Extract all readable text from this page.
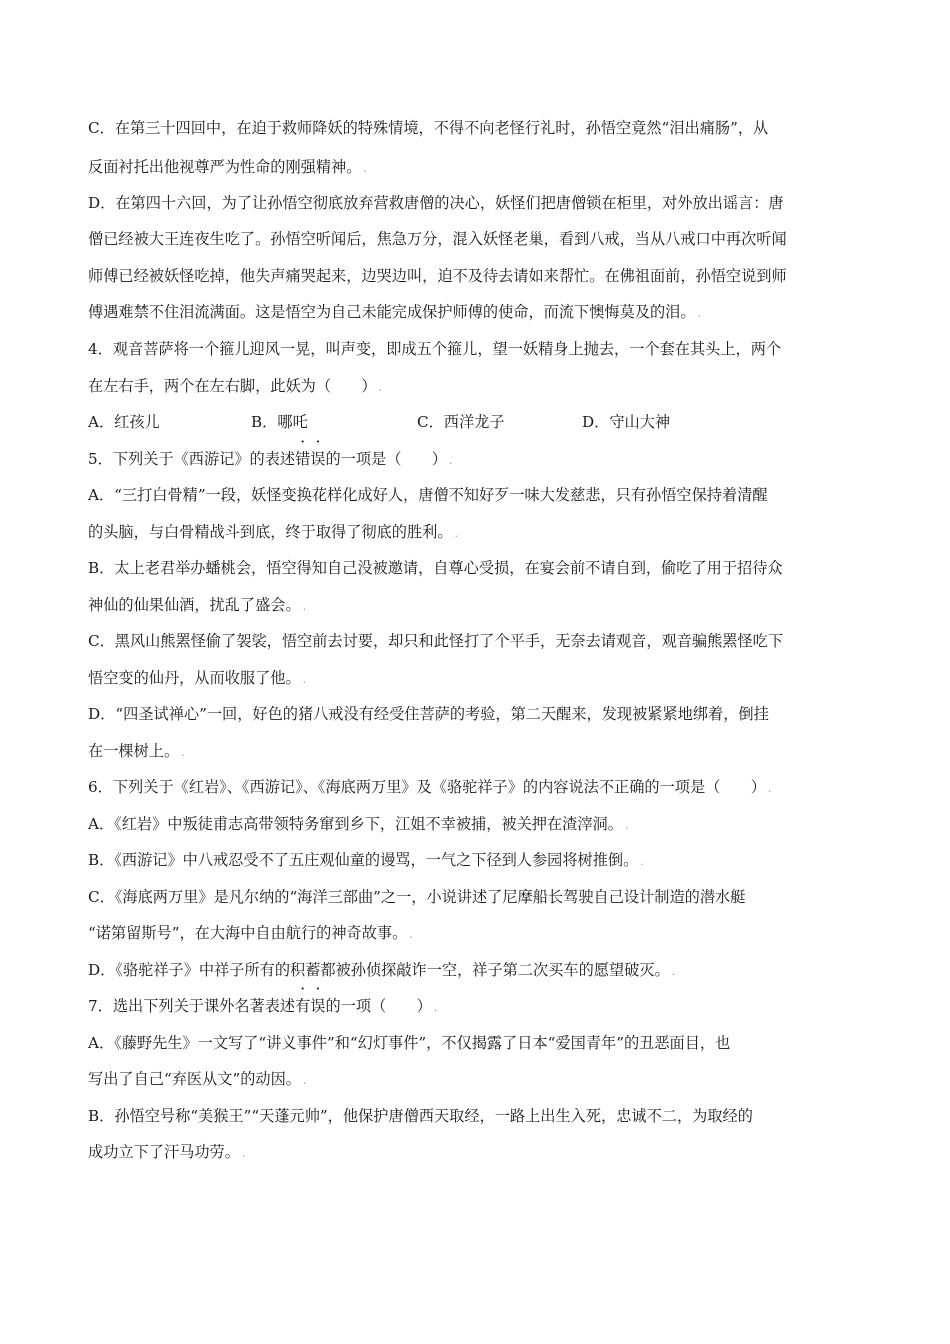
C．在第三十四回中，在迫于救师降妖的特殊情境，不得不向老怪行礼时，孙悟空竟然“泪出痛肠”，从
反面衬托出他视尊严为性命的刚强精神。 .
D．在第四十六回，为了让孙悟空彻底放弃营救唐僧的决心，妖怪们把唐僧锁在柜里，对外放出谣言：唐
僧已经被大王连夜生吃了。孙悟空听闻后，焦急万分，混入妖怪老巢，看到八戒，当从八戒口中再次听闻
师傅已经被妖怪吃掉，他失声痛哭起来，边哭边叫，迫不及待去请如来帮忙。在佛祖面前，孙悟空说到师
傅遇难禁不住泪流满面。这是悟空为自己未能完成保护师傅的使命，而流下懊悔莫及的泪。 .
4．观音菩萨将一个箍儿迎风一晃，叫声变，即成五个箍儿，望一妖精身上抛去，一个套在其头上，两个
在左右手，两个在左右脚，此妖为（　　） .
A．红孩儿	B．哪吒	C．西洋龙子	D．守山大神
5．下列关于《西游记》的表述错误的一项是（　　） .
A．“三打白骨精”一段，妖怪变换花样化成好人，唐僧不知好歹一味大发慈悲，只有孙悟空保持着清醒
的头脑，与白骨精战斗到底，终于取得了彻底的胜利。 .
B．太上老君举办蟠桃会，悟空得知自己没被邀请，自尊心受损，在宴会前不请自到，偷吃了用于招待众
神仙的仙果仙酒，扰乱了盛会。 .
C．黑风山熊罴怪偷了袈裟，悟空前去讨要，却只和此怪打了个平手，无奈去请观音，观音骗熊罴怪吃下
悟空变的仙丹，从而收服了他。 .
D．“四圣试禅心”一回，好色的猪八戒没有经受住菩萨的考验，第二天醒来，发现被紧紧地绑着，倒挂
在一棵树上。 .
6．下列关于《红岩》、《西游记》、《海底两万里》及《骆驼祥子》的内容说法不正确的一项是（　　） .
A．《红岩》中叛徒甫志高带领特务窜到乡下，江姐不幸被捕，被关押在渣滓洞。 .
B．《西游记》中八戒忍受不了五庄观仙童的谩骂，一气之下径到人参园将树推倒。 .
C．《海底两万里》是凡尔纳的“海洋三部曲”之一，小说讲述了尼摩船长驾驶自己设计制造的潜水艇
“诺第留斯号”，在大海中自由航行的神奇故事。 .
D．《骆驼祥子》中祥子所有的积蓄都被孙侦探敲诈一空，祥子第二次买车的愿望破灭。 .
7．选出下列关于课外名著表述有误的一项（　　） .
A．《藤野先生》一文写了“讲义事件”和“幻灯事件”，不仅揭露了日本“爱国青年”的丑恶面目，也
写出了自己“弃医从文”的动因。 .
B．孙悟空号称“美猴王”“天蓬元帅”，他保护唐僧西天取经，一路上出生入死，忠诚不二，为取经的
成功立下了汗马功劳。 .
